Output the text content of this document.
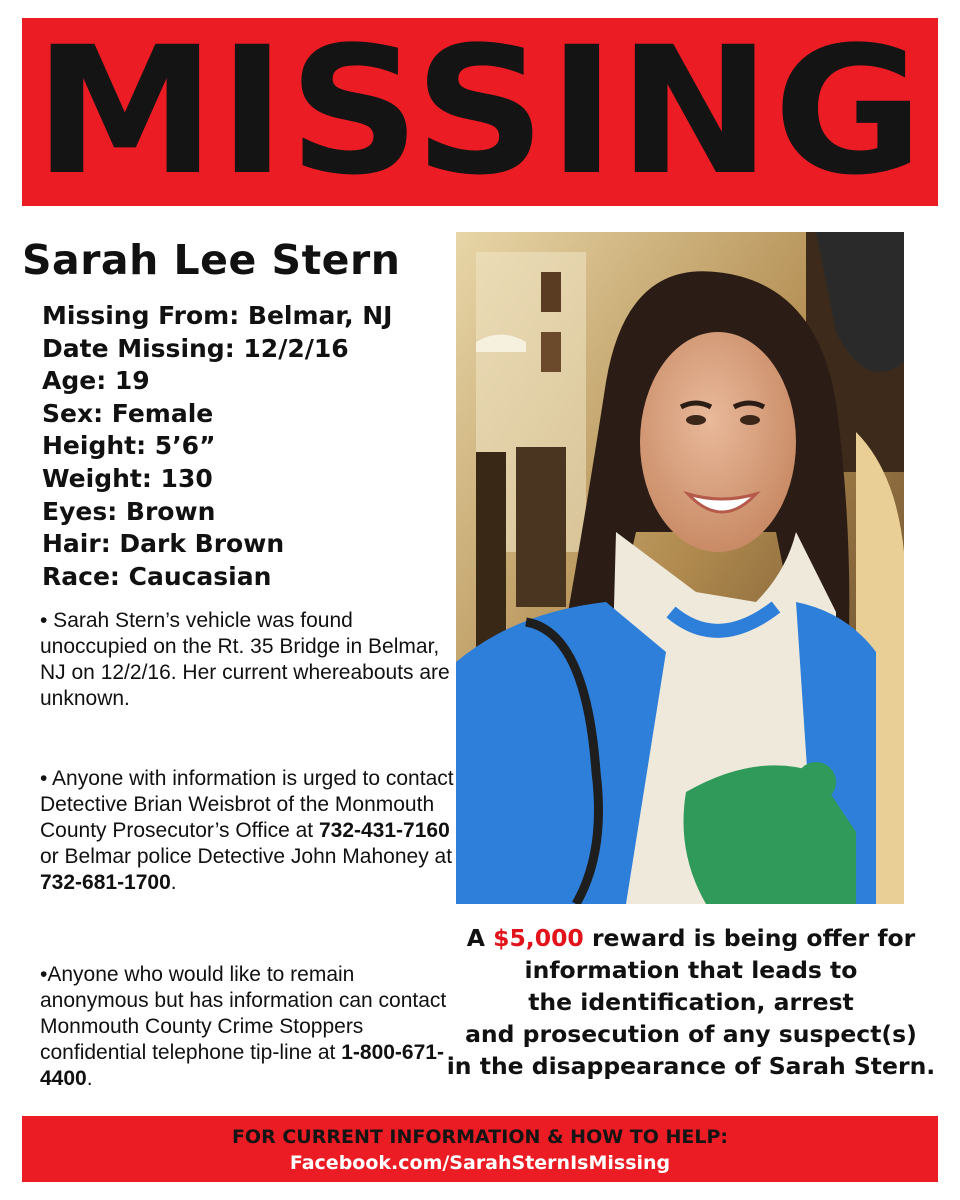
MISSING
Sarah Lee Stern
Missing From: Belmar, NJ
Date Missing: 12/2/16
Age: 19
Sex: Female
Height: 5’6”
Weight: 130
Eyes: Brown
Hair: Dark Brown
Race: Caucasian
• Sarah Stern’s vehicle was found unoccupied on the Rt. 35 Bridge in Belmar, NJ on 12/2/16. Her current whereabouts are unknown.
• Anyone with information is urged to contact Detective Brian Weisbrot of the Monmouth County Prosecutor’s Office at 732-431-7160 or Belmar police Detective John Mahoney at 732-681-1700.
•Anyone who would like to remain anonymous but has information can contact Monmouth County Crime Stoppers confidential telephone tip-line at 1-800-671-4400.
A $5,000 reward is being offer for
information that leads to
the identification, arrest
and prosecution of any suspect(s)
in the disappearance of Sarah Stern.
FOR CURRENT INFORMATION & HOW TO HELP:
Facebook.com/SarahSternIsMissing
